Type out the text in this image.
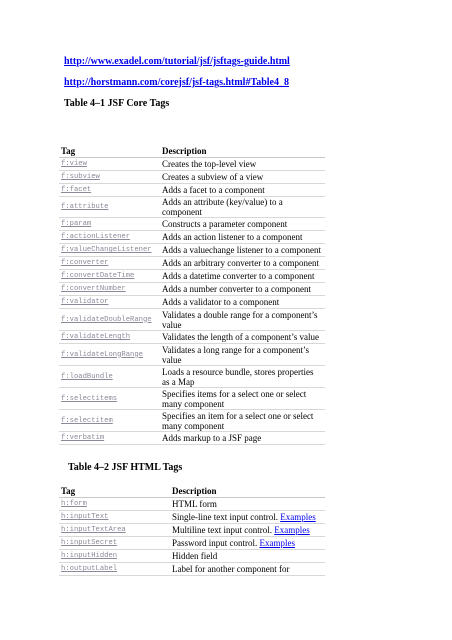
http://www.exadel.com/tutorial/jsf/jsftags-guide.html
http://horstmann.com/corejsf/jsf-tags.html#Table4_8
Table 4–1 JSF Core Tags
Tag	Description
f:view	Creates the top-level view
f:subview	Creates a subview of a view
f:facet	Adds a facet to a component
f:attribute	Adds an attribute (key/value) to a component
f:param	Constructs a parameter component
f:actionListener	Adds an action listener to a component
f:valueChangeListener	Adds a valuechange listener to a component
f:converter	Adds an arbitrary converter to a component
f:convertDateTime	Adds a datetime converter to a component
f:convertNumber	Adds a number converter to a component
f:validator	Adds a validator to a component
f:validateDoubleRange	Validates a double range for a component’s value
f:validateLength	Validates the length of a component’s value
f:validateLongRange	Validates a long range for a component’s value
f:loadBundle	Loads a resource bundle, stores properties as a Map
f:selectitems	Specifies items for a select one or select many component
f:selectitem	Specifies an item for a select one or select many component
f:verbatim	Adds markup to a JSF page
Table 4–2 JSF HTML Tags
Tag	Description
h:form	HTML form
h:inputText	Single-line text input control. Examples
h:inputTextArea	Multiline text input control. Examples
h:inputSecret	Password input control. Examples
h:inputHidden	Hidden field
h:outputLabel	Label for another component for
